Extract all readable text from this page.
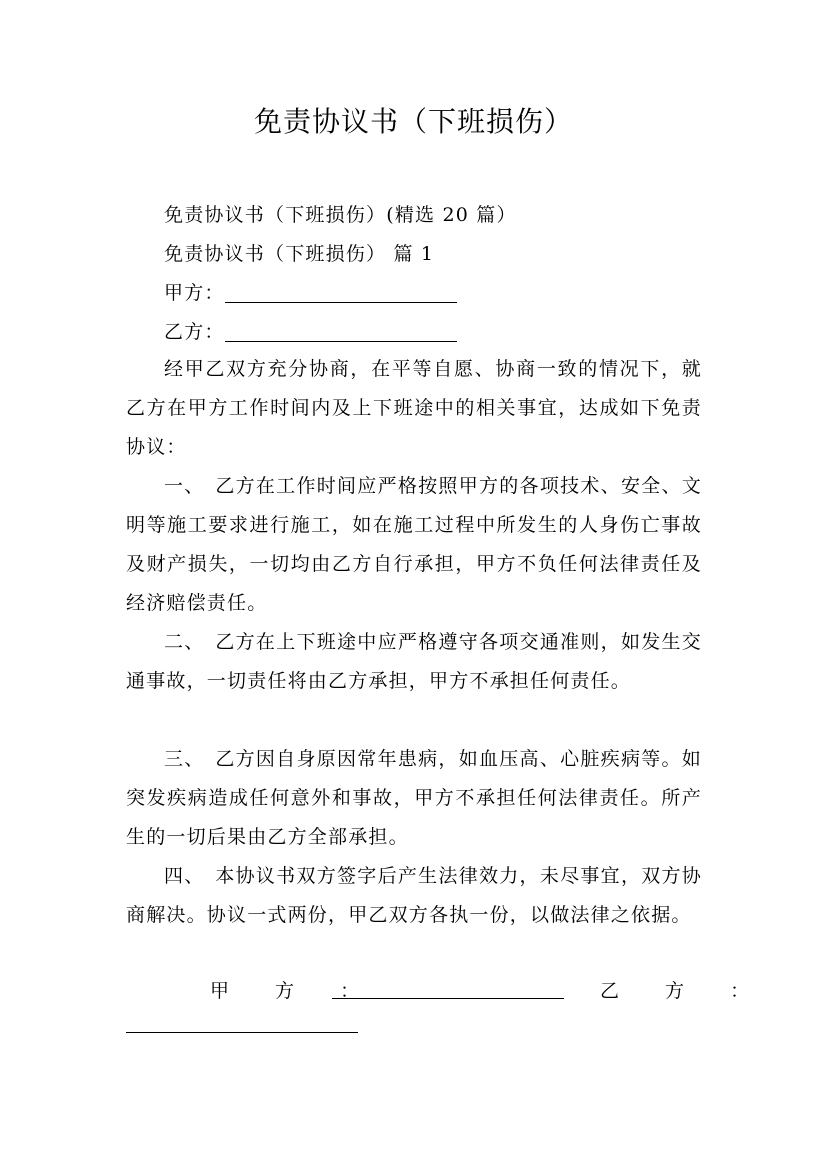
免责协议书（下班损伤）
免责协议书（下班损伤）(精选 20 篇）
免责协议书（下班损伤） 篇 1
甲方：
乙方：

经甲乙双方充分协商，在平等自愿、协商一致的情况下，就乙方在甲方工作时间内及上下班途中的相关事宜，达成如下免责协议：

一、　乙方在工作时间应严格按照甲方的各项技术、安全、文明等施工要求进行施工，如在施工过程中所发生的人身伤亡事故及财产损失，一切均由乙方自行承担，甲方不负任何法律责任及经济赔偿责任。

二、　乙方在上下班途中应严格遵守各项交通准则，如发生交通事故，一切责任将由乙方承担，甲方不承担任何责任。

三、　乙方因自身原因常年患病，如血压高、心脏疾病等。如突发疾病造成任何意外和事故，甲方不承担任何法律责任。所产生的一切后果由乙方全部承担。

四、　本协议书双方签字后产生法律效力，未尽事宜，双方协商解决。协议一式两份，甲乙双方各执一份，以做法律之依据。

甲 方 ：	乙 方 ：
